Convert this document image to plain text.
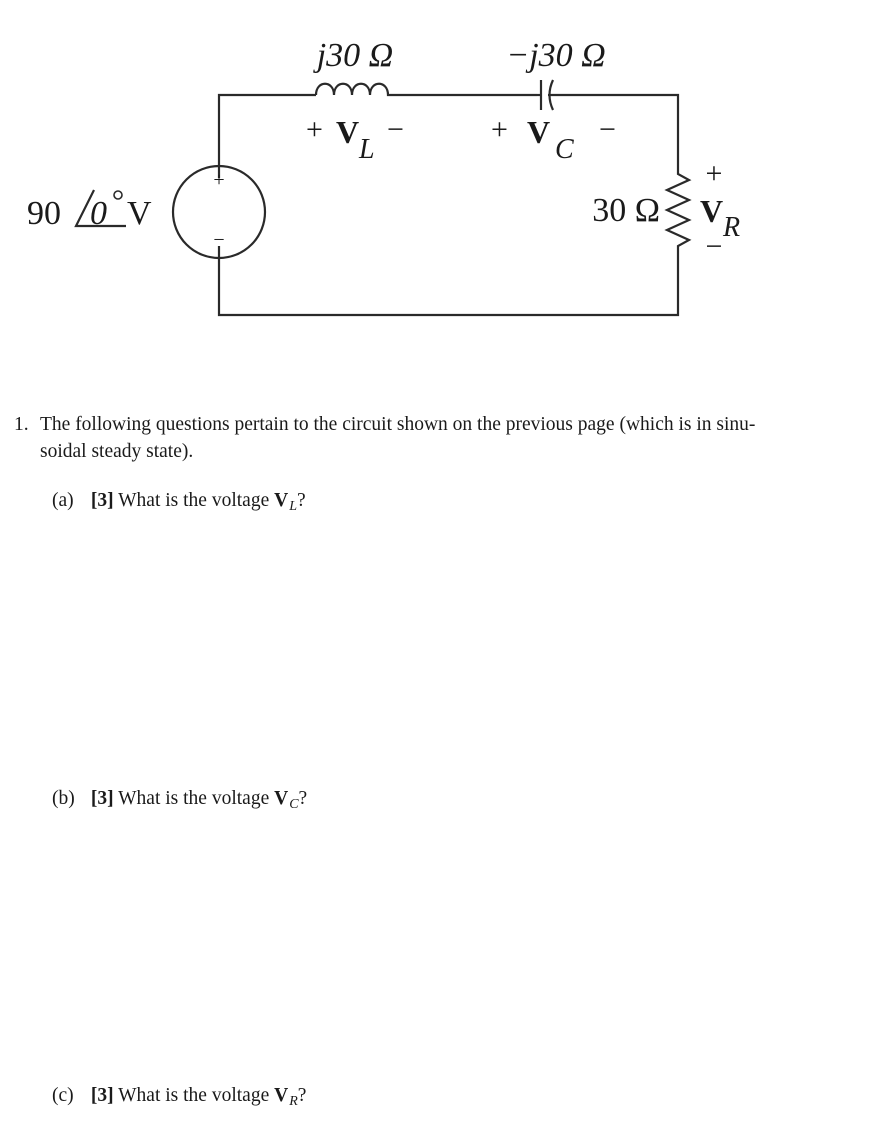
+
−
90 0 V
j30 Ω
+ V L
−
−j30 Ω
+ V C
−
30 Ω
+
V R
−
1. The following questions pertain to the circuit shown on the previous page (which is in sinu-
soidal steady state).
(a) [3] What is the voltage $V_L$?
(b) [3] What is the voltage $V_C$?
(c) [3] What is the voltage $V_R$?
